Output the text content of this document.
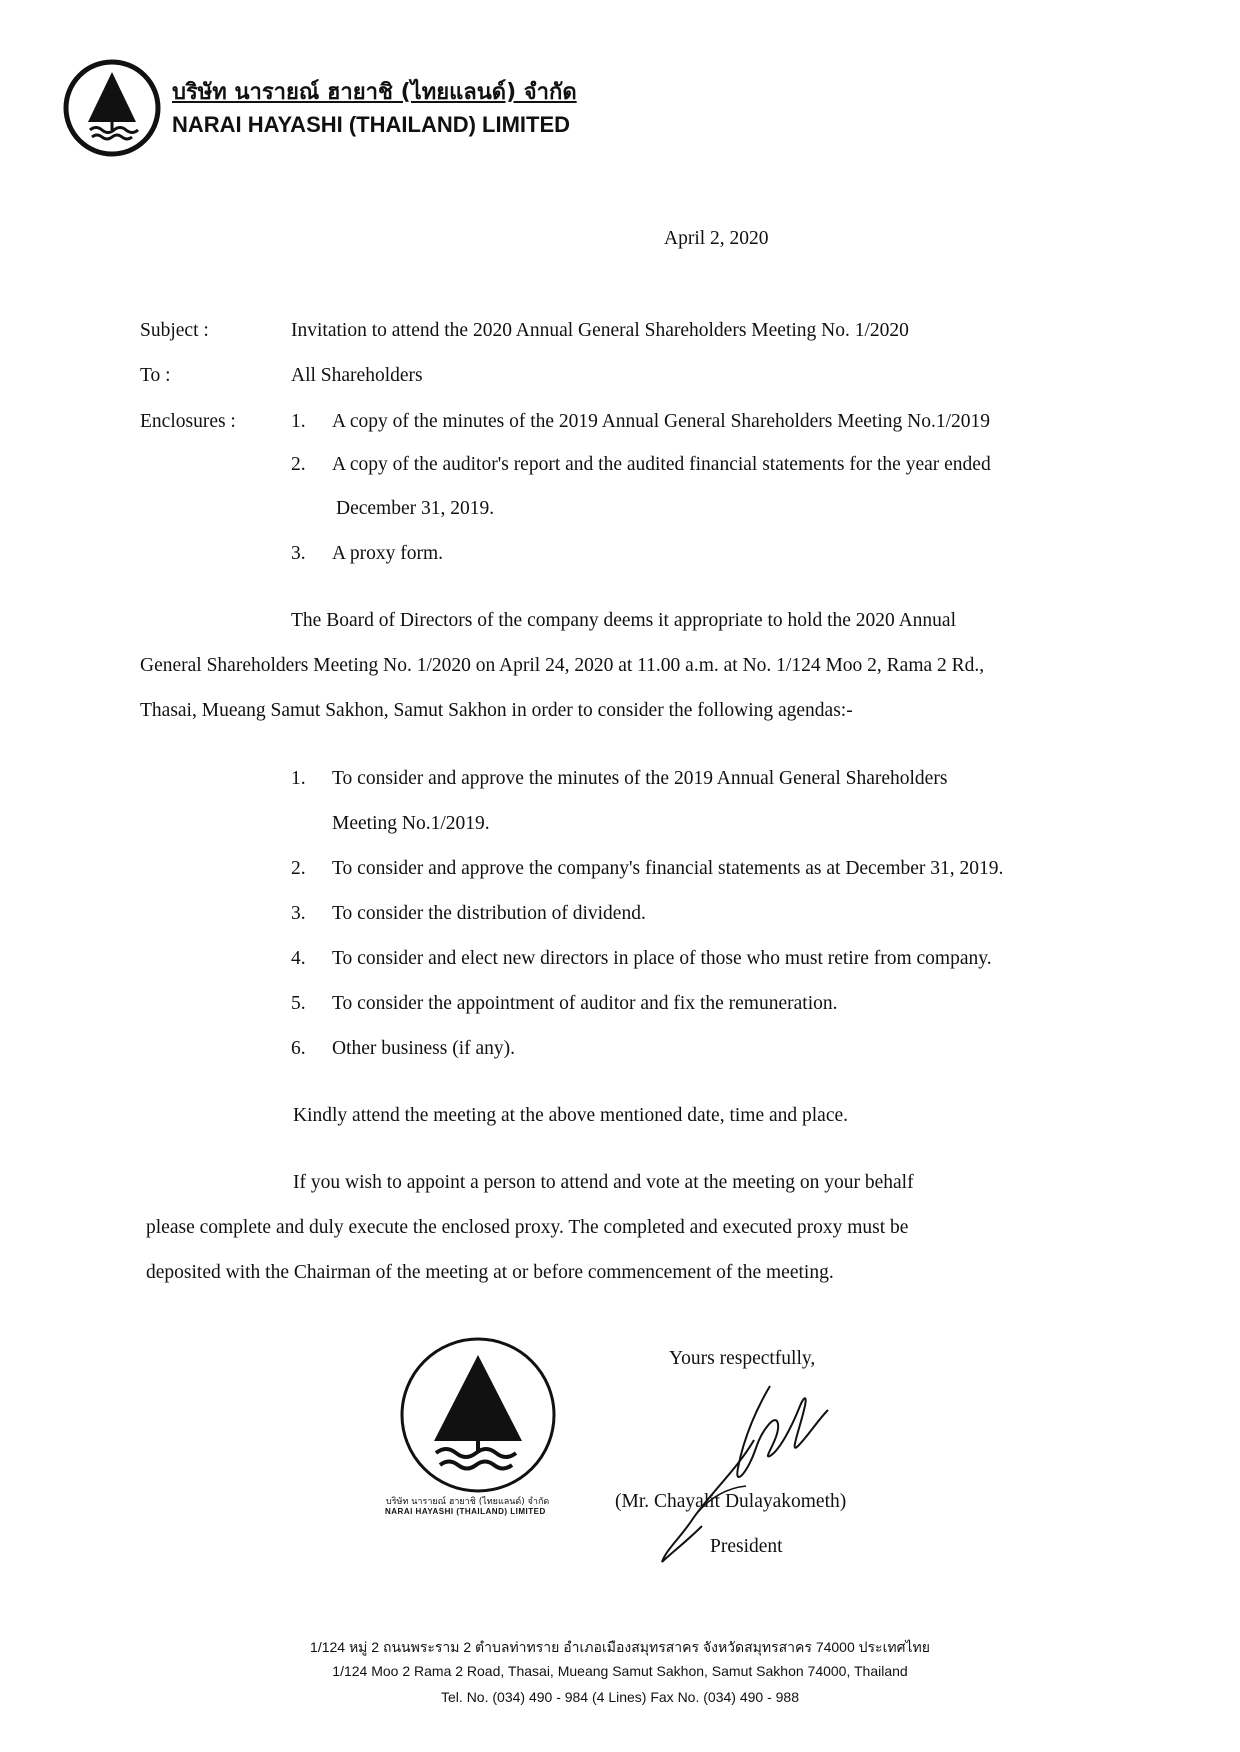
บริษัท นารายณ์ ฮายาชิ (ไทยแลนด์) จำกัด
NARAI HAYASHI (THAILAND) LIMITED
April 2, 2020
Subject :	Invitation to attend the 2020 Annual General Shareholders Meeting No. 1/2020
To :	All Shareholders
Enclosures :	1. A copy of the minutes of the 2019 Annual General Shareholders Meeting No.1/2019
2. A copy of the auditor's report and the audited financial statements for the year ended
December 31, 2019.
3. A proxy form.
The Board of Directors of the company deems it appropriate to hold the 2020 Annual
General Shareholders Meeting No. 1/2020 on April 24, 2020 at 11.00 a.m. at No. 1/124 Moo 2, Rama 2 Rd.,
Thasai, Mueang Samut Sakhon, Samut Sakhon in order to consider the following agendas:-
1. To consider and approve the minutes of the 2019 Annual General Shareholders
Meeting No.1/2019.
2. To consider and approve the company's financial statements as at December 31, 2019.
3. To consider the distribution of dividend.
4. To consider and elect new directors in place of those who must retire from company.
5. To consider the appointment of auditor and fix the remuneration.
6. Other business (if any).
Kindly attend the meeting at the above mentioned date, time and place.
If you wish to appoint a person to attend and vote at the meeting on your behalf
please complete and duly execute the enclosed proxy. The completed and executed proxy must be
deposited with the Chairman of the meeting at or before commencement of the meeting.
บริษัท นารายณ์ ฮายาชิ (ไทยแลนด์) จำกัด
NARAI HAYASHI (THAILAND) LIMITED
Yours respectfully,
(Mr. Chayalit Dulayakometh)
President
1/124 หมู่ 2 ถนนพระราม 2 ตำบลท่าทราย อำเภอเมืองสมุทรสาคร จังหวัดสมุทรสาคร 74000 ประเทศไทย
1/124 Moo 2 Rama 2 Road, Thasai, Mueang Samut Sakhon, Samut Sakhon 74000, Thailand
Tel. No. (034) 490 - 984 (4 Lines) Fax No. (034) 490 - 988
